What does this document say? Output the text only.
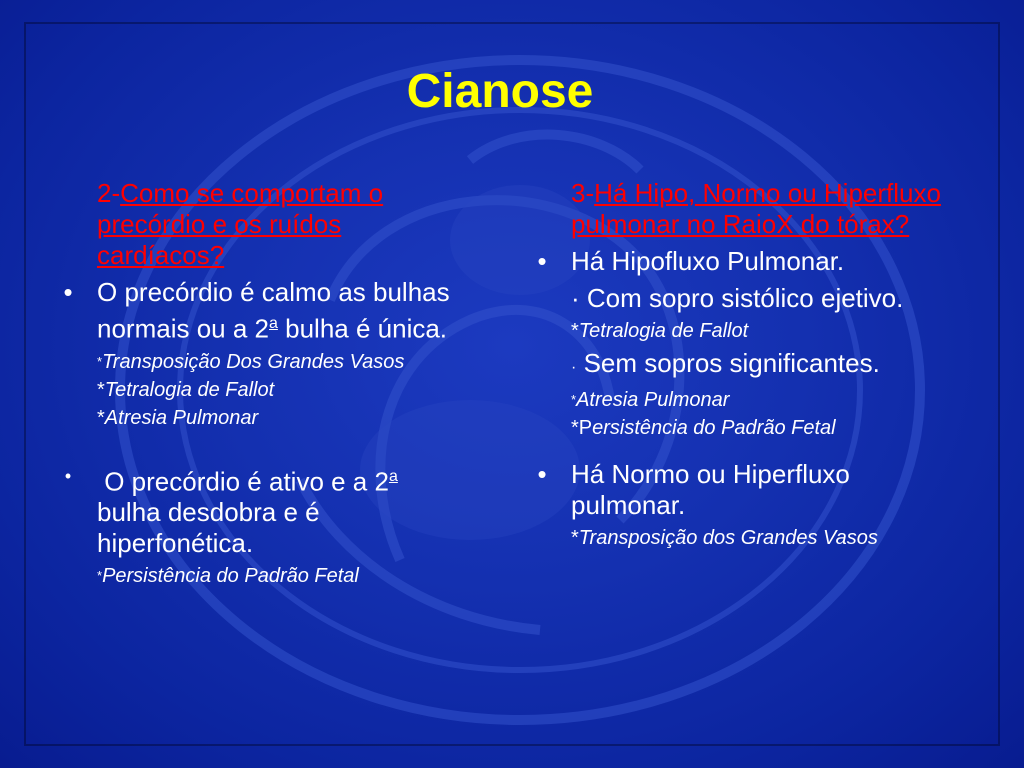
Cianose
2-Como se comportam o precórdio e os ruídos cardíacos?
• O precórdio é calmo as bulhas normais ou a 2$^a$ bulha é única.
*Transposição Dos Grandes Vasos
*Tetralogia de Fallot
*Atresia Pulmonar
• O precórdio é ativo e a 2$^a$ bulha desdobra e é hiperfonética.
*Persistência do Padrão Fetal
3-Há Hipo, Normo ou Hiperfluxo pulmonar no RaioX do tórax?
• Há Hipofluxo Pulmonar.
· Com sopro sistólico ejetivo.
*Tetralogia de Fallot
· Sem sopros significantes.
*Atresia Pulmonar
*Persistência do Padrão Fetal
• Há Normo ou Hiperfluxo pulmonar.
*Transposição dos Grandes Vasos
